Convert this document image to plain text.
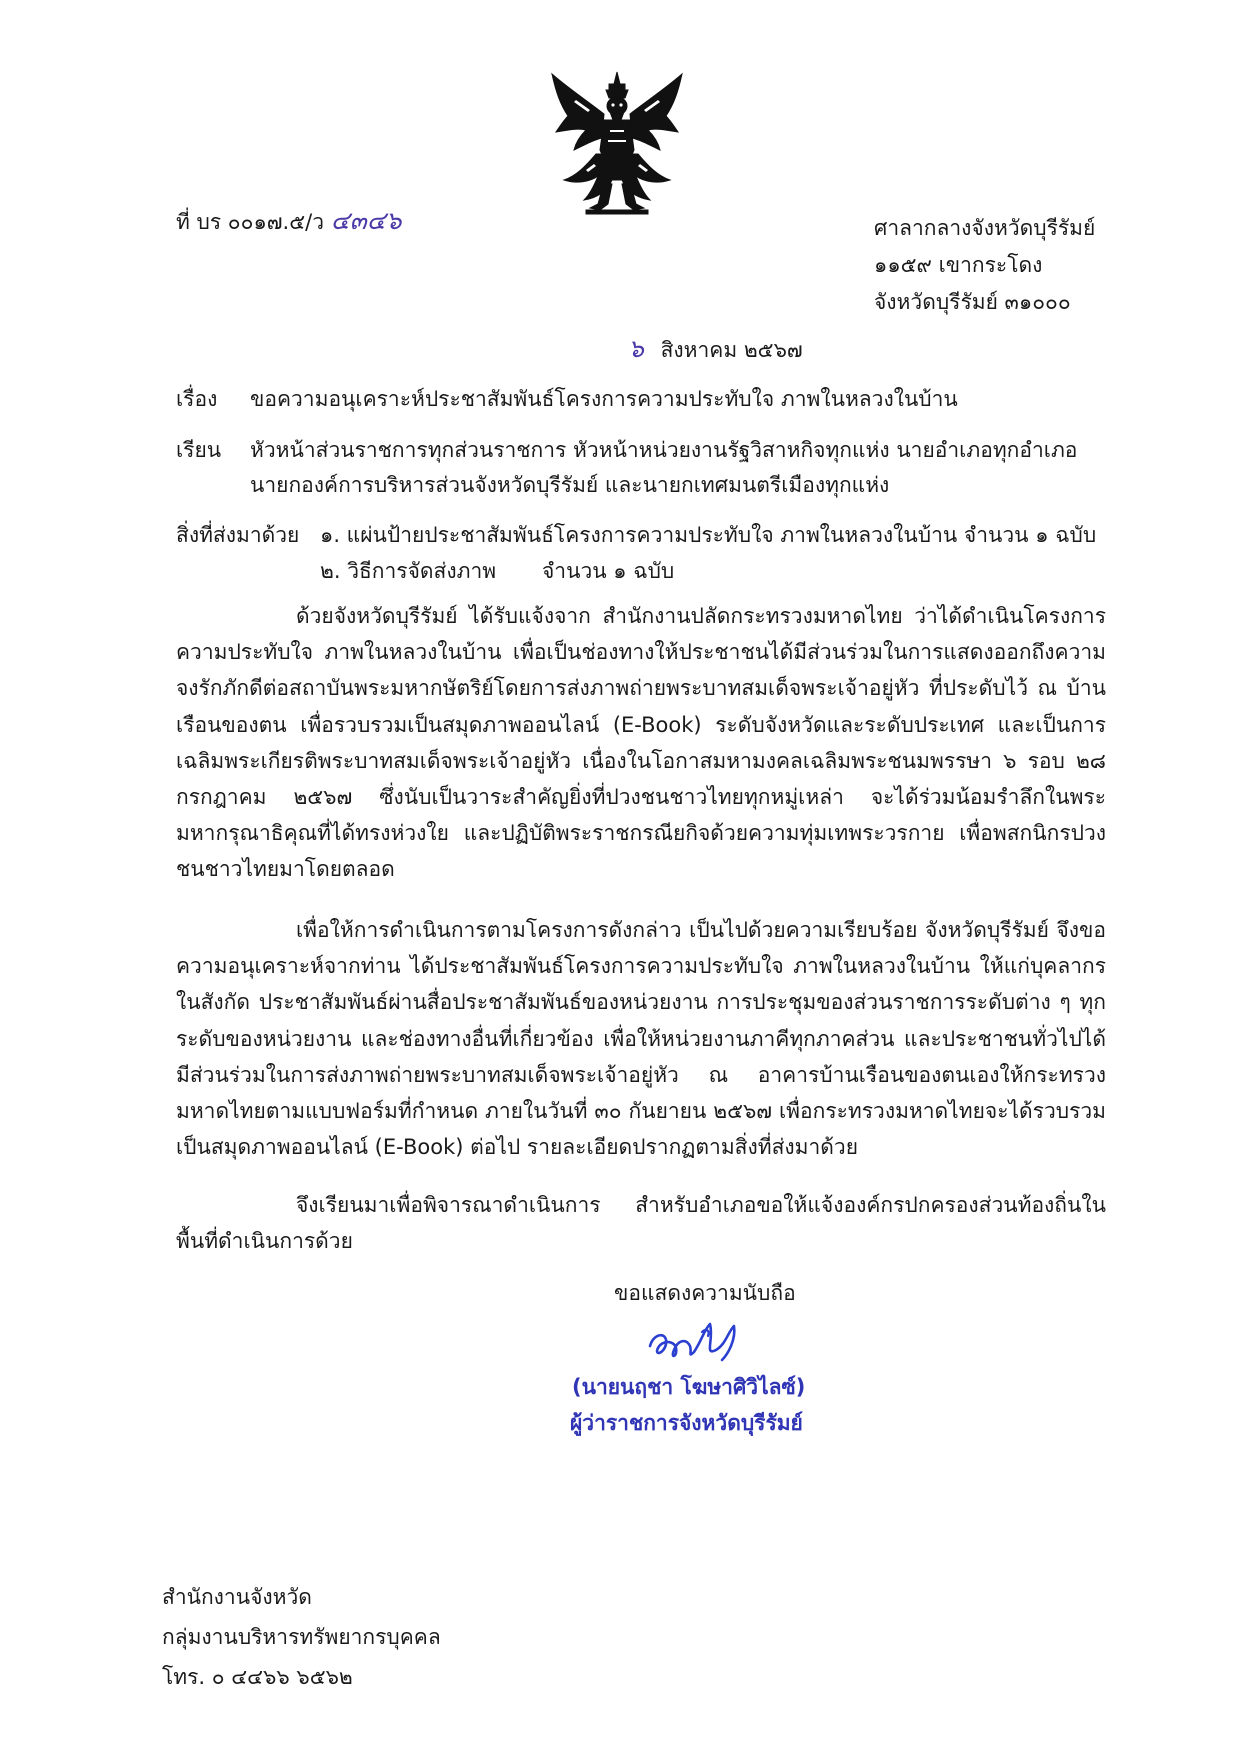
ที่ บร ๐๐๑๗.๕/ว ๔๓๔๖	ศาลากลางจังหวัดบุรีรัมย์
๑๑๕๙ เขากระโดง
จังหวัดบุรีรัมย์ ๓๑๐๐๐
๖ สิงหาคม ๒๕๖๗
เรื่อง ขอความอนุเคราะห์ประชาสัมพันธ์โครงการความประทับใจ ภาพในหลวงในบ้าน
เรียน หัวหน้าส่วนราชการทุกส่วนราชการ หัวหน้าหน่วยงานรัฐวิสาหกิจทุกแห่ง นายอำเภอทุกอำเภอ
นายกองค์การบริหารส่วนจังหวัดบุรีรัมย์ และนายกเทศมนตรีเมืองทุกแห่ง
สิ่งที่ส่งมาด้วย ๑. แผ่นป้ายประชาสัมพันธ์โครงการความประทับใจ ภาพในหลวงในบ้าน จำนวน ๑ ฉบับ
๒. วิธีการจัดส่งภาพ จำนวน ๑ ฉบับ
ด้วยจังหวัดบุรีรัมย์ ได้รับแจ้งจาก สำนักงานปลัดกระทรวงมหาดไทย ว่าได้ดำเนินโครงการความประทับใจ ภาพในหลวงในบ้าน เพื่อเป็นช่องทางให้ประชาชนได้มีส่วนร่วมในการแสดงออกถึงความจงรักภักดีต่อสถาบันพระมหากษัตริย์โดยการส่งภาพถ่ายพระบาทสมเด็จพระเจ้าอยู่หัว ที่ประดับไว้ ณ บ้านเรือนของตน เพื่อรวบรวมเป็นสมุดภาพออนไลน์ (E-Book) ระดับจังหวัดและระดับประเทศ และเป็นการเฉลิมพระเกียรติพระบาทสมเด็จพระเจ้าอยู่หัว เนื่องในโอกาสมหามงคลเฉลิมพระชนมพรรษา ๖ รอบ ๒๘ กรกฎาคม ๒๕๖๗ ซึ่งนับเป็นวาระสำคัญยิ่งที่ปวงชนชาวไทยทุกหมู่เหล่า จะได้ร่วมน้อมรำลึกในพระมหากรุณาธิคุณที่ได้ทรงห่วงใย และปฏิบัติพระราชกรณียกิจด้วยความทุ่มเทพระวรกาย เพื่อพสกนิกรปวงชนชาวไทยมาโดยตลอด
เพื่อให้การดำเนินการตามโครงการดังกล่าว เป็นไปด้วยความเรียบร้อย จังหวัดบุรีรัมย์ จึงขอความอนุเคราะห์จากท่าน ได้ประชาสัมพันธ์โครงการความประทับใจ ภาพในหลวงในบ้าน ให้แก่บุคลากรในสังกัด ประชาสัมพันธ์ผ่านสื่อประชาสัมพันธ์ของหน่วยงาน การประชุมของส่วนราชการระดับต่าง ๆ ทุกระดับของหน่วยงาน และช่องทางอื่นที่เกี่ยวข้อง เพื่อให้หน่วยงานภาคีทุกภาคส่วน และประชาชนทั่วไปได้มีส่วนร่วมในการส่งภาพถ่ายพระบาทสมเด็จพระเจ้าอยู่หัว ณ อาคารบ้านเรือนของตนเองให้กระทรวงมหาดไทยตามแบบฟอร์มที่กำหนด ภายในวันที่ ๓๐ กันยายน ๒๕๖๗ เพื่อกระทรวงมหาดไทยจะได้รวบรวมเป็นสมุดภาพออนไลน์ (E-Book) ต่อไป รายละเอียดปรากฏตามสิ่งที่ส่งมาด้วย
จึงเรียนมาเพื่อพิจารณาดำเนินการ สำหรับอำเภอขอให้แจ้งองค์กรปกครองส่วนท้องถิ่นในพื้นที่ดำเนินการด้วย
ขอแสดงความนับถือ
(นายนฤชา โฆษาศิวิไลซ์)
ผู้ว่าราชการจังหวัดบุรีรัมย์
สำนักงานจังหวัด
กลุ่มงานบริหารทรัพยากรบุคคล
โทร. ๐ ๔๔๖๖ ๖๕๖๒
